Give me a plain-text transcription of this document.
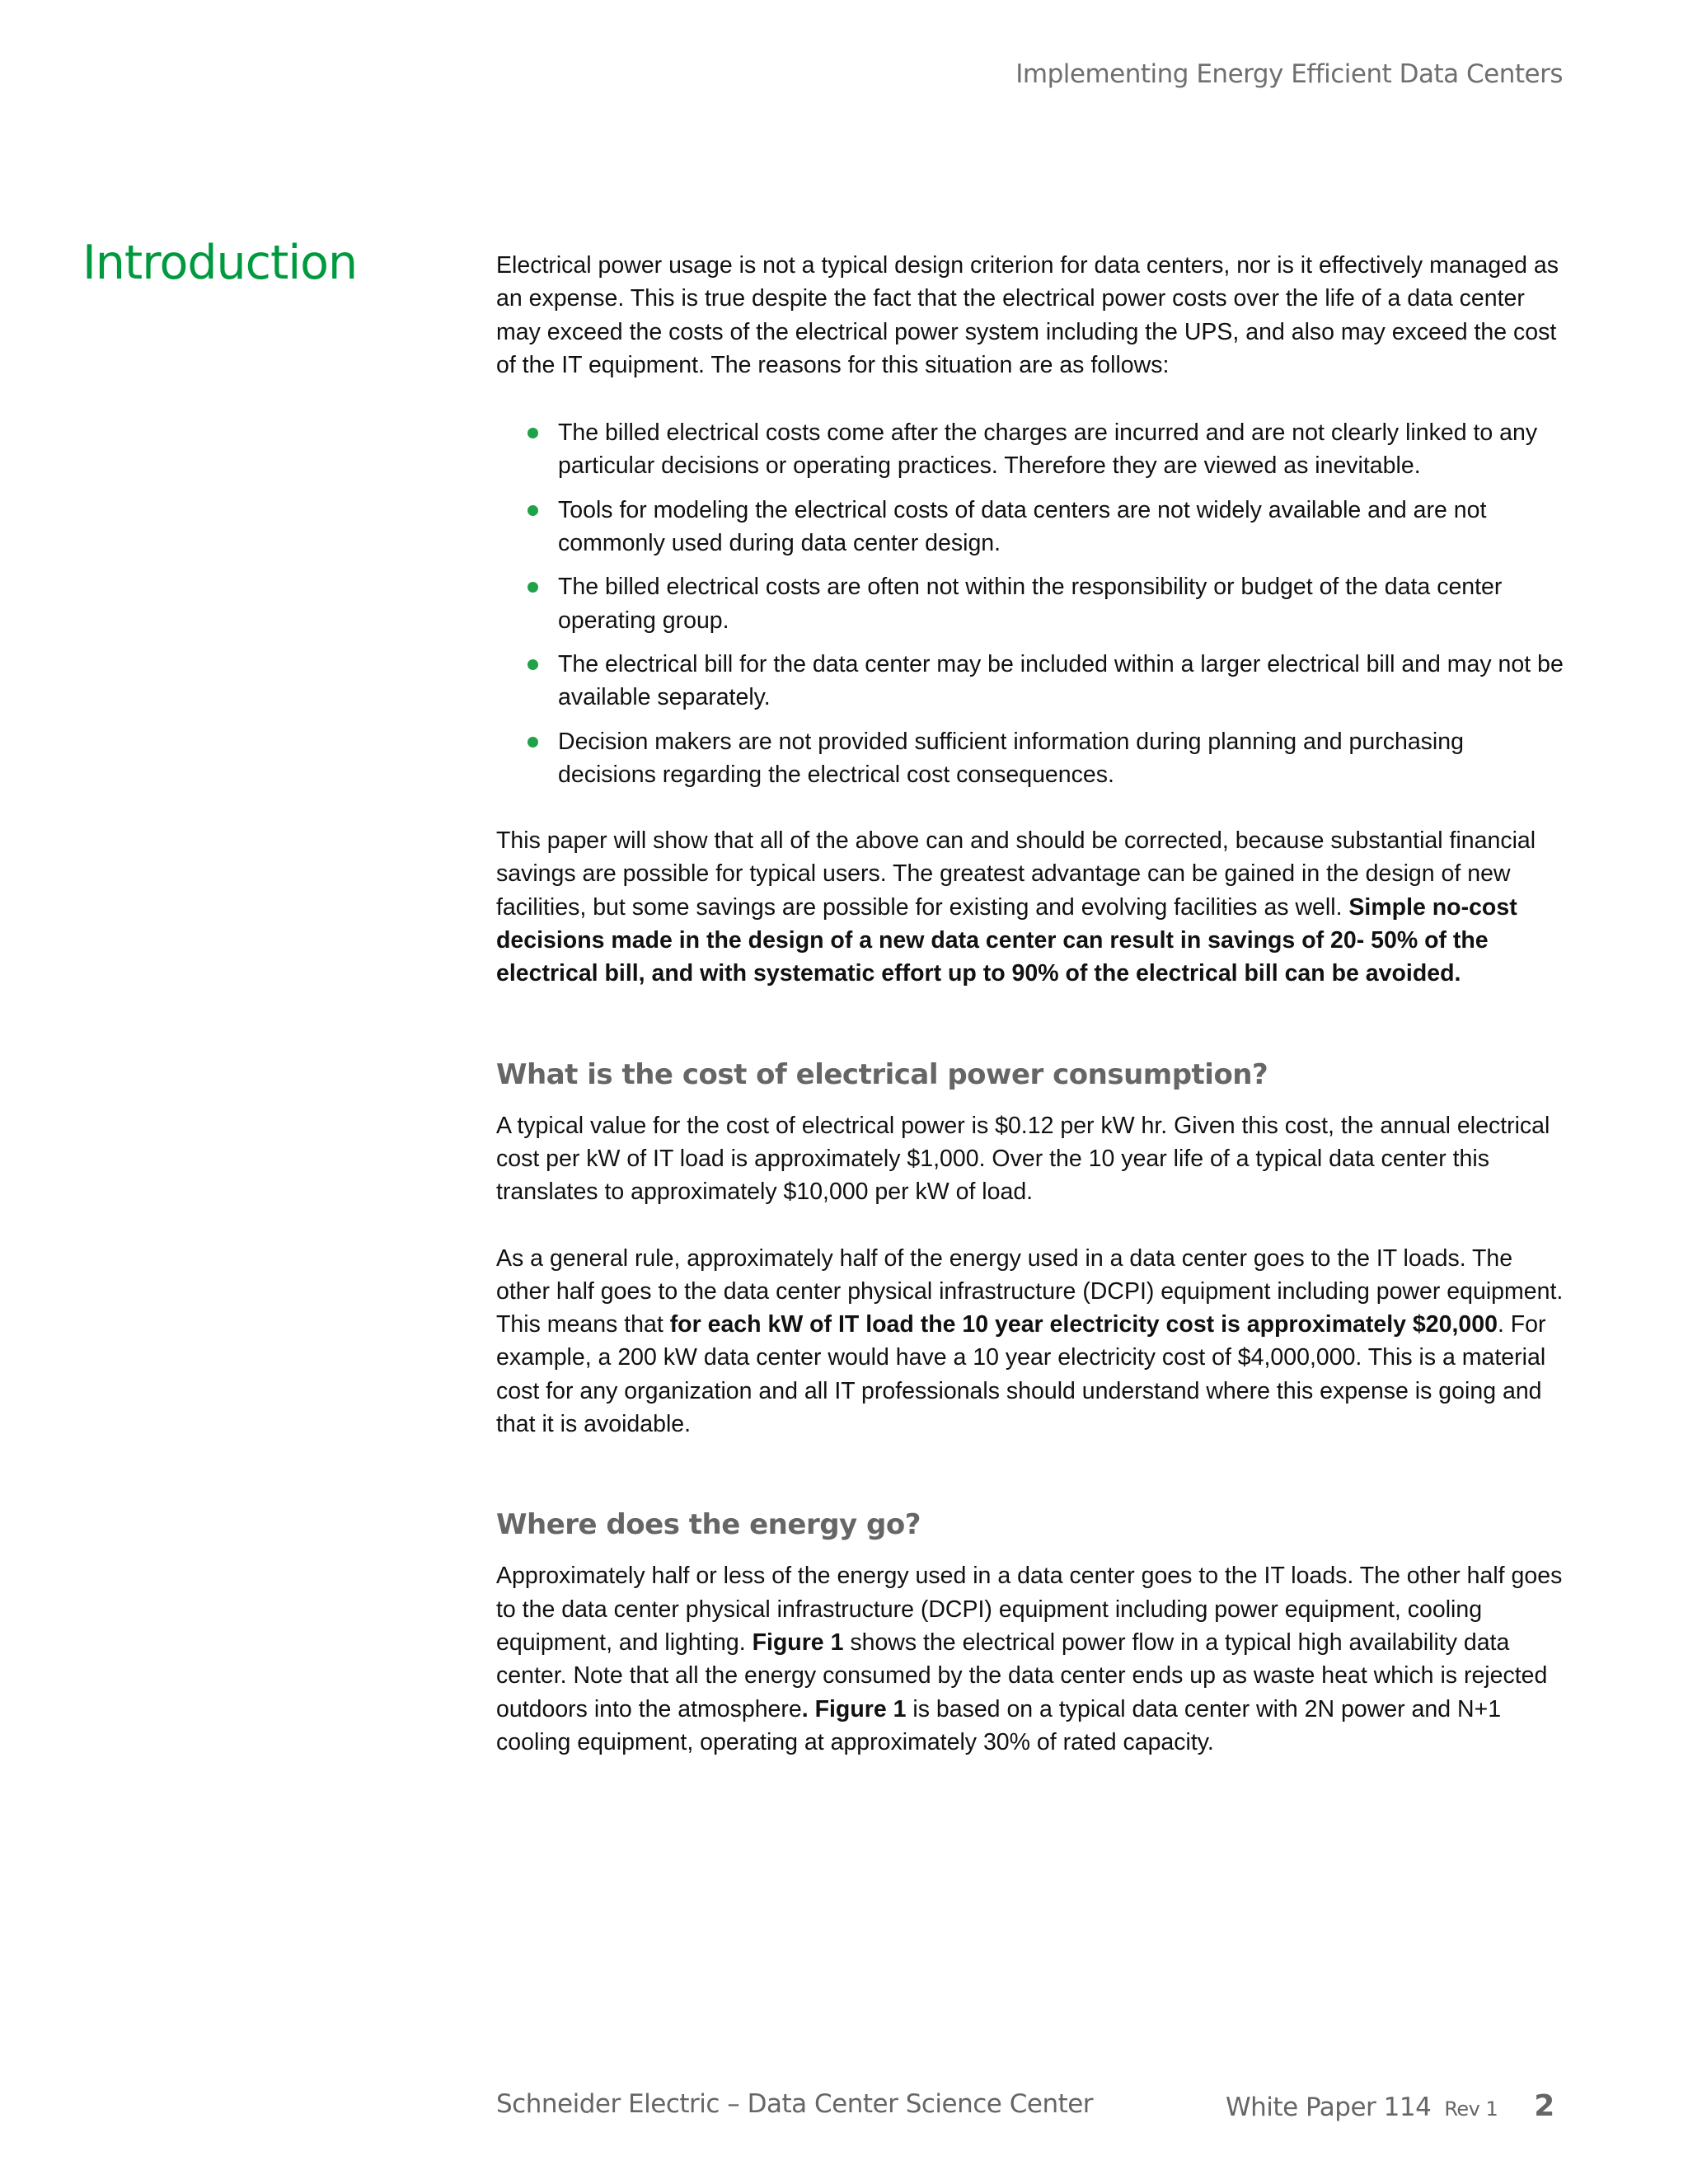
Implementing Energy Efficient Data Centers
Introduction	Electrical power usage is not a typical design criterion for data centers, nor is it effectively managed as an expense. This is true despite the fact that the electrical power costs over the life of a data center may exceed the costs of the electrical power system including the UPS, and also may exceed the cost of the IT equipment. The reasons for this situation are as follows:

The billed electrical costs come after the charges are incurred and are not clearly linked to any particular decisions or operating practices. Therefore they are viewed as inevitable.
Tools for modeling the electrical costs of data centers are not widely available and are not commonly used during data center design.
The billed electrical costs are often not within the responsibility or budget of the data center operating group.
The electrical bill for the data center may be included within a larger electrical bill and may not be available separately.
Decision makers are not provided sufficient information during planning and purchasing decisions regarding the electrical cost consequences.

This paper will show that all of the above can and should be corrected, because substantial financial savings are possible for typical users. The greatest advantage can be gained in the design of new facilities, but some savings are possible for existing and evolving facilities as well. Simple no-cost decisions made in the design of a new data center can result in savings of 20- 50% of the electrical bill, and with systematic effort up to 90% of the electrical bill can be avoided.

What is the cost of electrical power consumption?

A typical value for the cost of electrical power is $0.12 per kW hr. Given this cost, the annual electrical cost per kW of IT load is approximately $1,000. Over the 10 year life of a typical data center this translates to approximately $10,000 per kW of load.

As a general rule, approximately half of the energy used in a data center goes to the IT loads. The other half goes to the data center physical infrastructure (DCPI) equipment including power equipment. This means that for each kW of IT load the 10 year electricity cost is approximately $20,000. For example, a 200 kW data center would have a 10 year electricity cost of $4,000,000. This is a material cost for any organization and all IT professionals should understand where this expense is going and that it is avoidable.

Where does the energy go?

Approximately half or less of the energy used in a data center goes to the IT loads. The other half goes to the data center physical infrastructure (DCPI) equipment including power equipment, cooling equipment, and lighting. Figure 1 shows the electrical power flow in a typical high availability data center. Note that all the energy consumed by the data center ends up as waste heat which is rejected outdoors into the atmosphere. Figure 1 is based on a typical data center with 2N power and N+1 cooling equipment, operating at approximately 30% of rated capacity.

Schneider Electric – Data Center Science Center	White Paper 114 Rev 1 2
